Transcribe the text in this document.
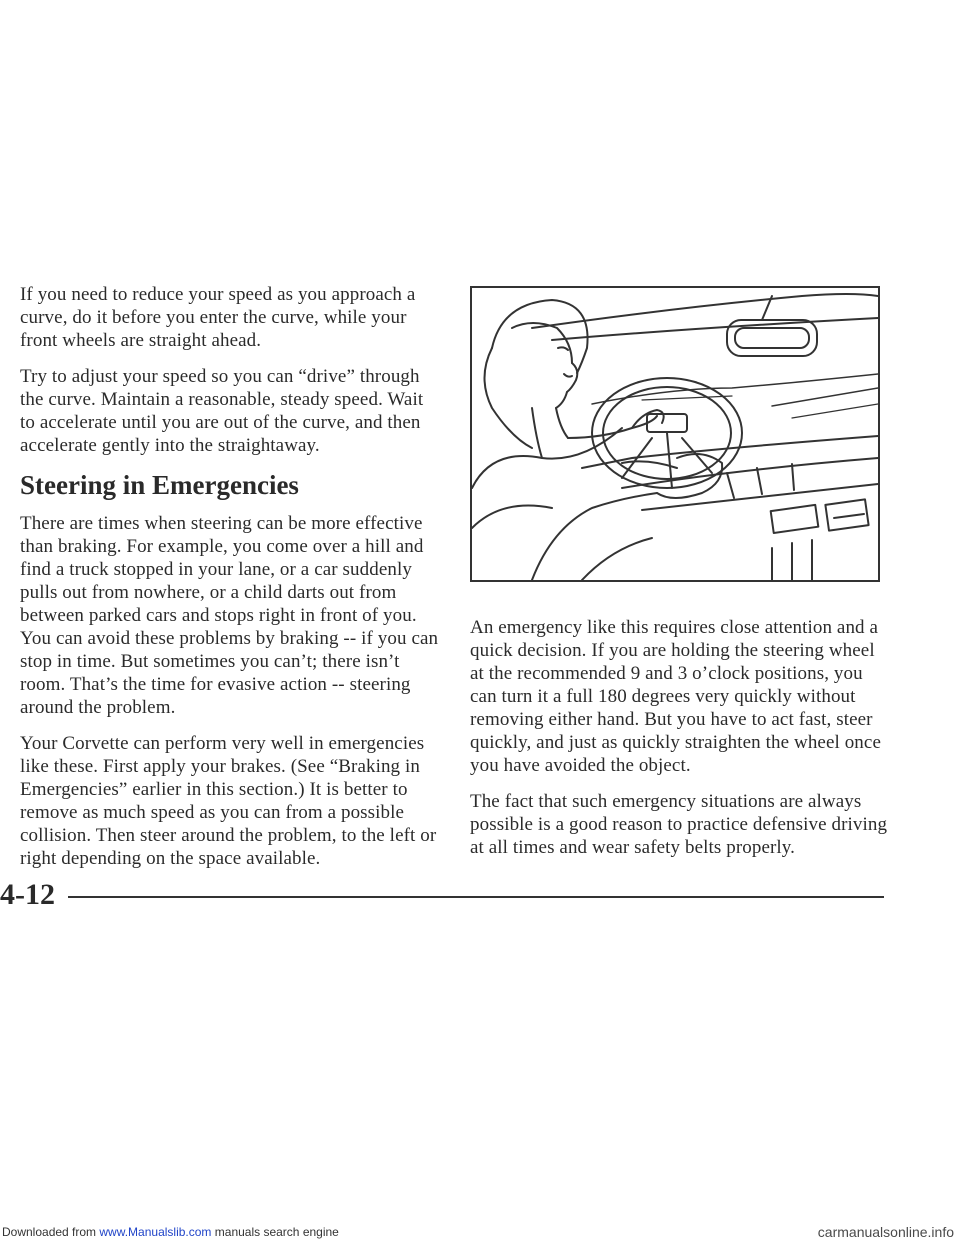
If you need to reduce your speed as you approach a curve, do it before you enter the curve, while your front wheels are straight ahead.

Try to adjust your speed so you can “drive” through the curve. Maintain a reasonable, steady speed. Wait to accelerate until you are out of the curve, and then accelerate gently into the straightaway.

Steering in Emergencies

There are times when steering can be more effective than braking. For example, you come over a hill and find a truck stopped in your lane, or a car suddenly pulls out from nowhere, or a child darts out from between parked cars and stops right in front of you. You can avoid these problems by braking -- if you can stop in time. But sometimes you can’t; there isn’t room. That’s the time for evasive action -- steering around the problem.

Your Corvette can perform very well in emergencies like these. First apply your brakes. (See “Braking in Emergencies” earlier in this section.) It is better to remove as much speed as you can from a possible collision. Then steer around the problem, to the left or right depending on the space available.

An emergency like this requires close attention and a quick decision. If you are holding the steering wheel at the recommended 9 and 3 o’clock positions, you can turn it a full 180 degrees very quickly without removing either hand. But you have to act fast, steer quickly, and just as quickly straighten the wheel once you have avoided the object.

The fact that such emergency situations are always possible is a good reason to practice defensive driving at all times and wear safety belts properly.

4-12
Downloaded from www.Manualslib.com manuals search engine	carmanualsonline.info
